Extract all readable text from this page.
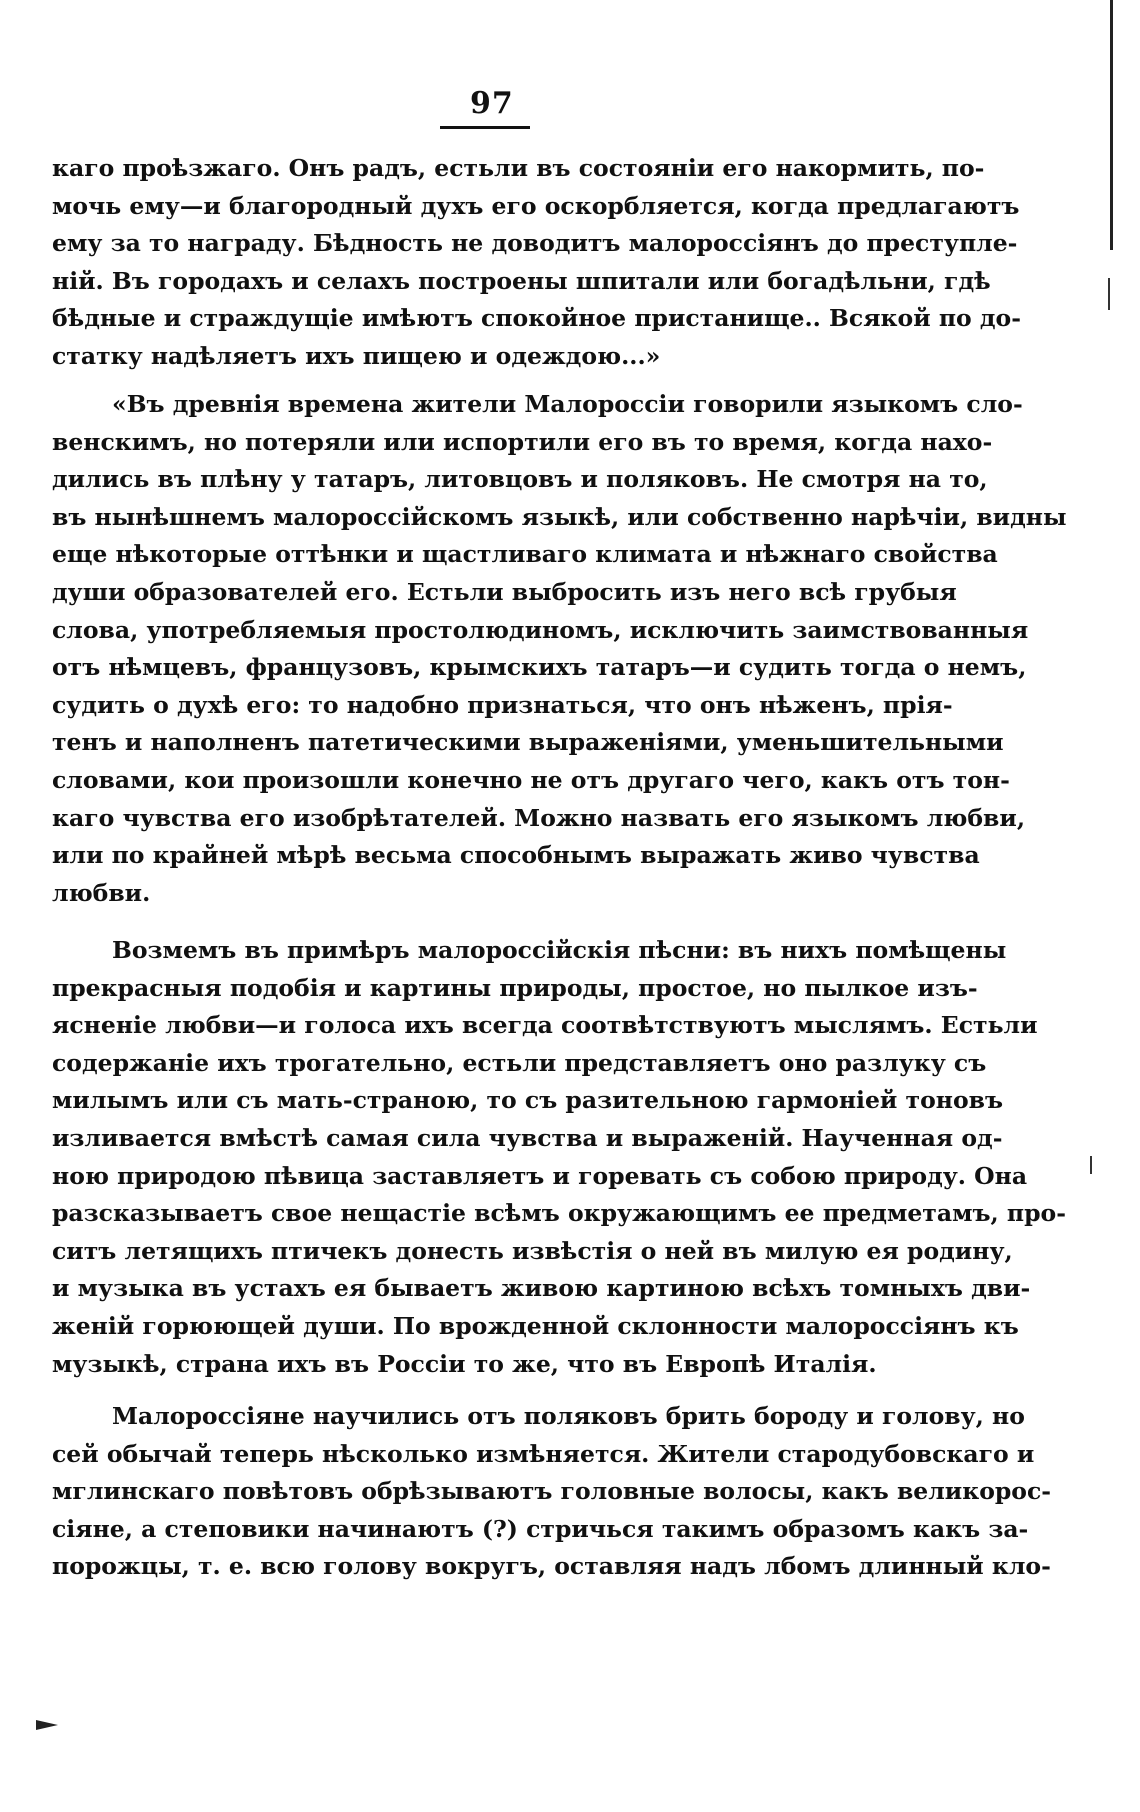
97
каго проѣзжаго. Онъ радъ, естьли въ состояніи его накормить, по-
мочь ему—и благородный духъ его оскорбляется, когда предлагаютъ
ему за то награду. Бѣдность не доводитъ малороссіянъ до преступле-
ній. Въ городахъ и селахъ построены шпитали или богадѣльни, гдѣ
бѣдные и страждущіе имѣютъ спокойное пристанище.. Всякой по до-
статку надѣляетъ ихъ пищею и одеждою...»
«Въ древнія времена жители Малороссіи говорили языкомъ сло-
венскимъ, но потеряли или испортили его въ то время, когда нахо-
дились въ плѣну у татаръ, литовцовъ и поляковъ. Не смотря на то,
въ нынѣшнемъ малороссійскомъ языкѣ, или собственно нарѣчіи, видны
еще нѣкоторые оттѣнки и щастливаго климата и нѣжнаго свойства
души образователей его. Естьли выбросить изъ него всѣ грубыя
слова, употребляемыя простолюдиномъ, исключить заимствованныя
отъ нѣмцевъ, французовъ, крымскихъ татаръ—и судить тогда о немъ,
судить о духѣ его: то надобно признаться, что онъ нѣженъ, прія-
тенъ и наполненъ патетическими выраженіями, уменьшительными
словами, кои произошли конечно не отъ другаго чего, какъ отъ тон-
каго чувства его изобрѣтателей. Можно назвать его языкомъ любви,
или по крайней мѣрѣ весьма способнымъ выражать живо чувства
любви.
Возмемъ въ примѣръ малороссійскія пѣсни: въ нихъ помѣщены
прекрасныя подобія и картины природы, простое, но пылкое изъ-
ясненіе любви—и голоса ихъ всегда соотвѣтствуютъ мыслямъ. Естьли
содержаніе ихъ трогательно, естьли представляетъ оно разлуку съ
милымъ или съ мать-страною, то съ разительною гармоніей тоновъ
изливается вмѣстѣ самая сила чувства и выраженій. Наученная од-
ною природою пѣвица заставляетъ и горевать съ собою природу. Она
разсказываетъ свое нещастіе всѣмъ окружающимъ ее предметамъ, про-
ситъ летящихъ птичекъ донесть извѣстія о ней въ милую ея родину,
и музыка въ устахъ ея бываетъ живою картиною всѣхъ томныхъ дви-
женій горюющей души. По врожденной склонности малороссіянъ къ
музыкѣ, страна ихъ въ Россіи то же, что въ Европѣ Италія.
Малороссіяне научились отъ поляковъ брить бороду и голову, но
сей обычай теперь нѣсколько измѣняется. Жители стародубовскаго и
мглинскаго повѣтовъ обрѣзываютъ головные волосы, какъ великорос-
сіяне, а степовики начинаютъ (?) стричься такимъ образомъ какъ за-
порожцы, т. е. всю голову вокругъ, оставляя надъ лбомъ длинный кло-
